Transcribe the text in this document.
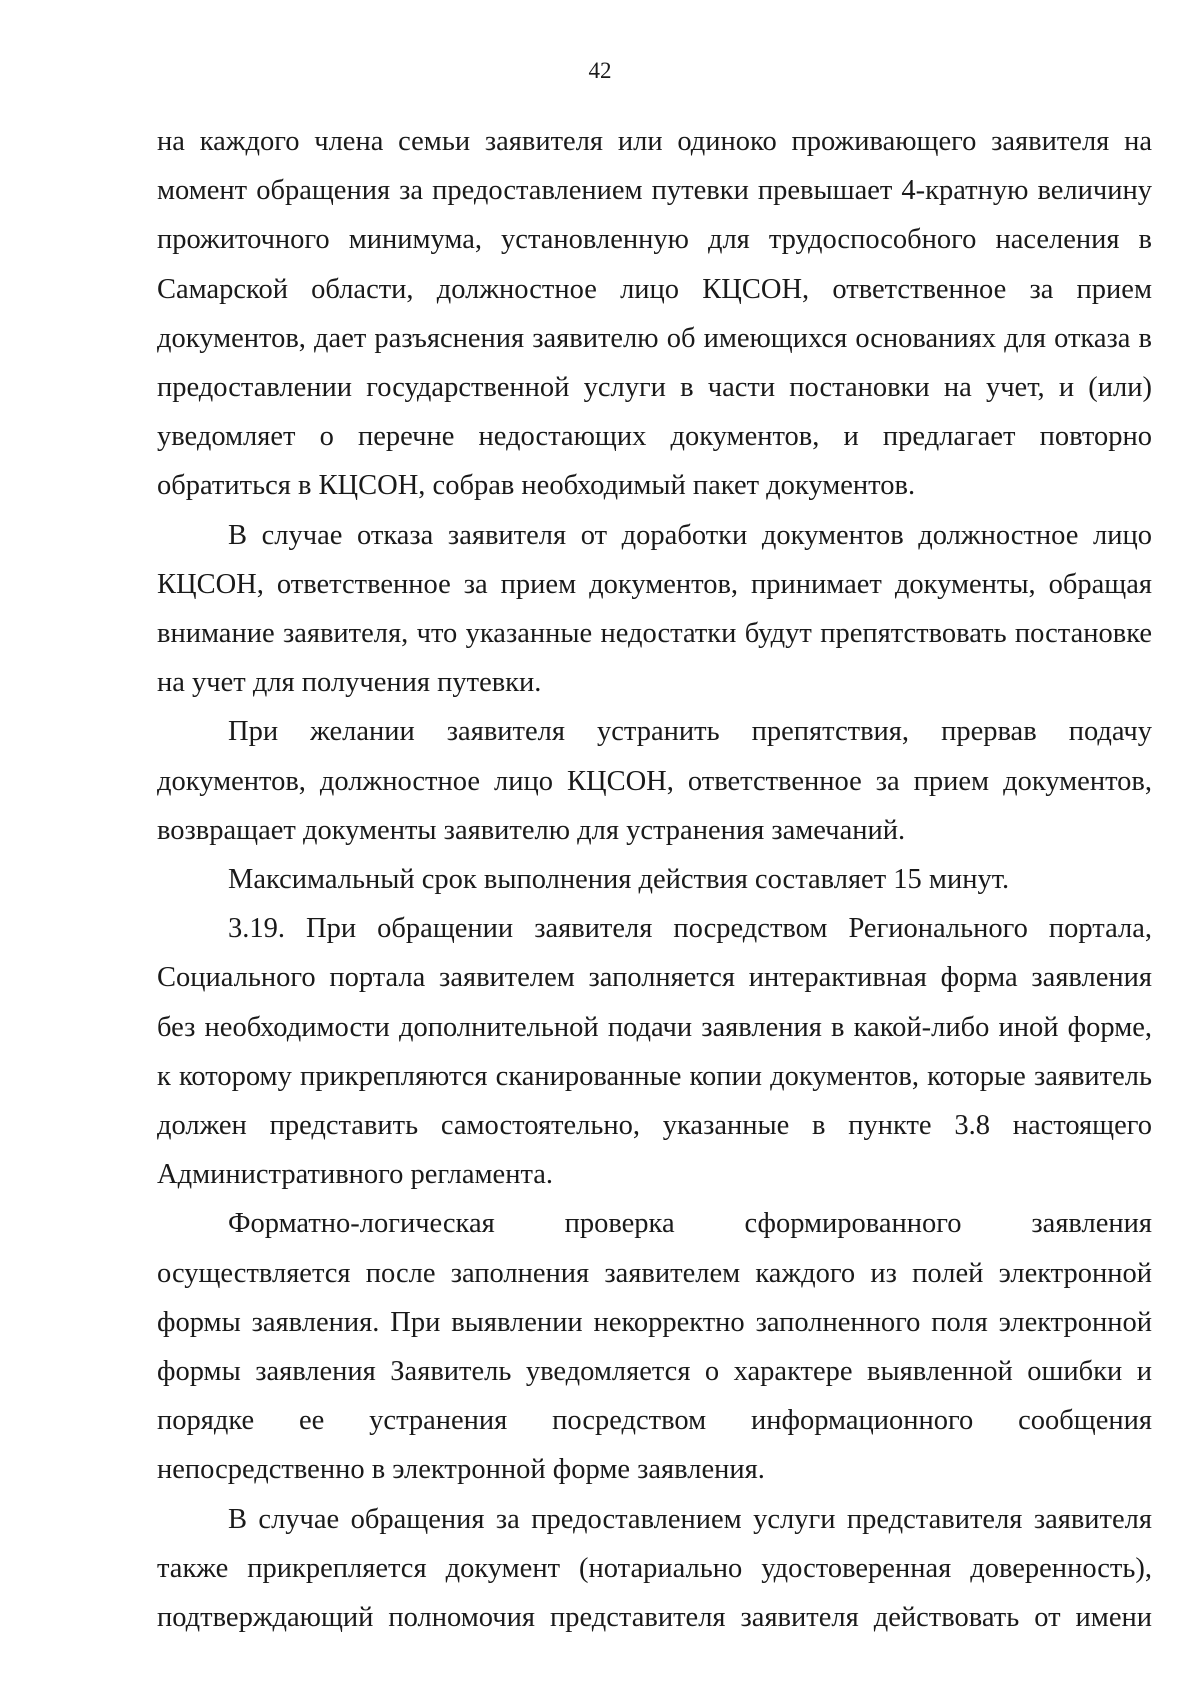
42

на каждого члена семьи заявителя или одиноко проживающего заявителя на момент обращения за предоставлением путевки превышает 4-кратную величину прожиточного минимума, установленную для трудоспособного населения в Самарской области, должностное лицо КЦСОН, ответственное за прием документов, дает разъяснения заявителю об имеющихся основаниях для отказа в предоставлении государственной услуги в части постановки на учет, и (или) уведомляет о перечне недостающих документов, и предлагает повторно обратиться в КЦСОН, собрав необходимый пакет документов.

В случае отказа заявителя от доработки документов должностное лицо КЦСОН, ответственное за прием документов, принимает документы, обращая внимание заявителя, что указанные недостатки будут препятствовать постановке на учет для получения путевки.

При желании заявителя устранить препятствия, прервав подачу документов, должностное лицо КЦСОН, ответственное за прием документов, возвращает документы заявителю для устранения замечаний.

Максимальный срок выполнения действия составляет 15 минут.

3.19. При обращении заявителя посредством Регионального портала, Социального портала заявителем заполняется интерактивная форма заявления без необходимости дополнительной подачи заявления в какой-либо иной форме, к которому прикрепляются сканированные копии документов, которые заявитель должен представить самостоятельно, указанные в пункте 3.8 настоящего Административного регламента.

Форматно-логическая проверка сформированного заявления осуществляется после заполнения заявителем каждого из полей электронной формы заявления. При выявлении некорректно заполненного поля электронной формы заявления Заявитель уведомляется о характере выявленной ошибки и порядке ее устранения посредством информационного сообщения непосредственно в электронной форме заявления.

В случае обращения за предоставлением услуги представителя заявителя также прикрепляется документ (нотариально удостоверенная доверенность), подтверждающий полномочия представителя заявителя действовать от имени
